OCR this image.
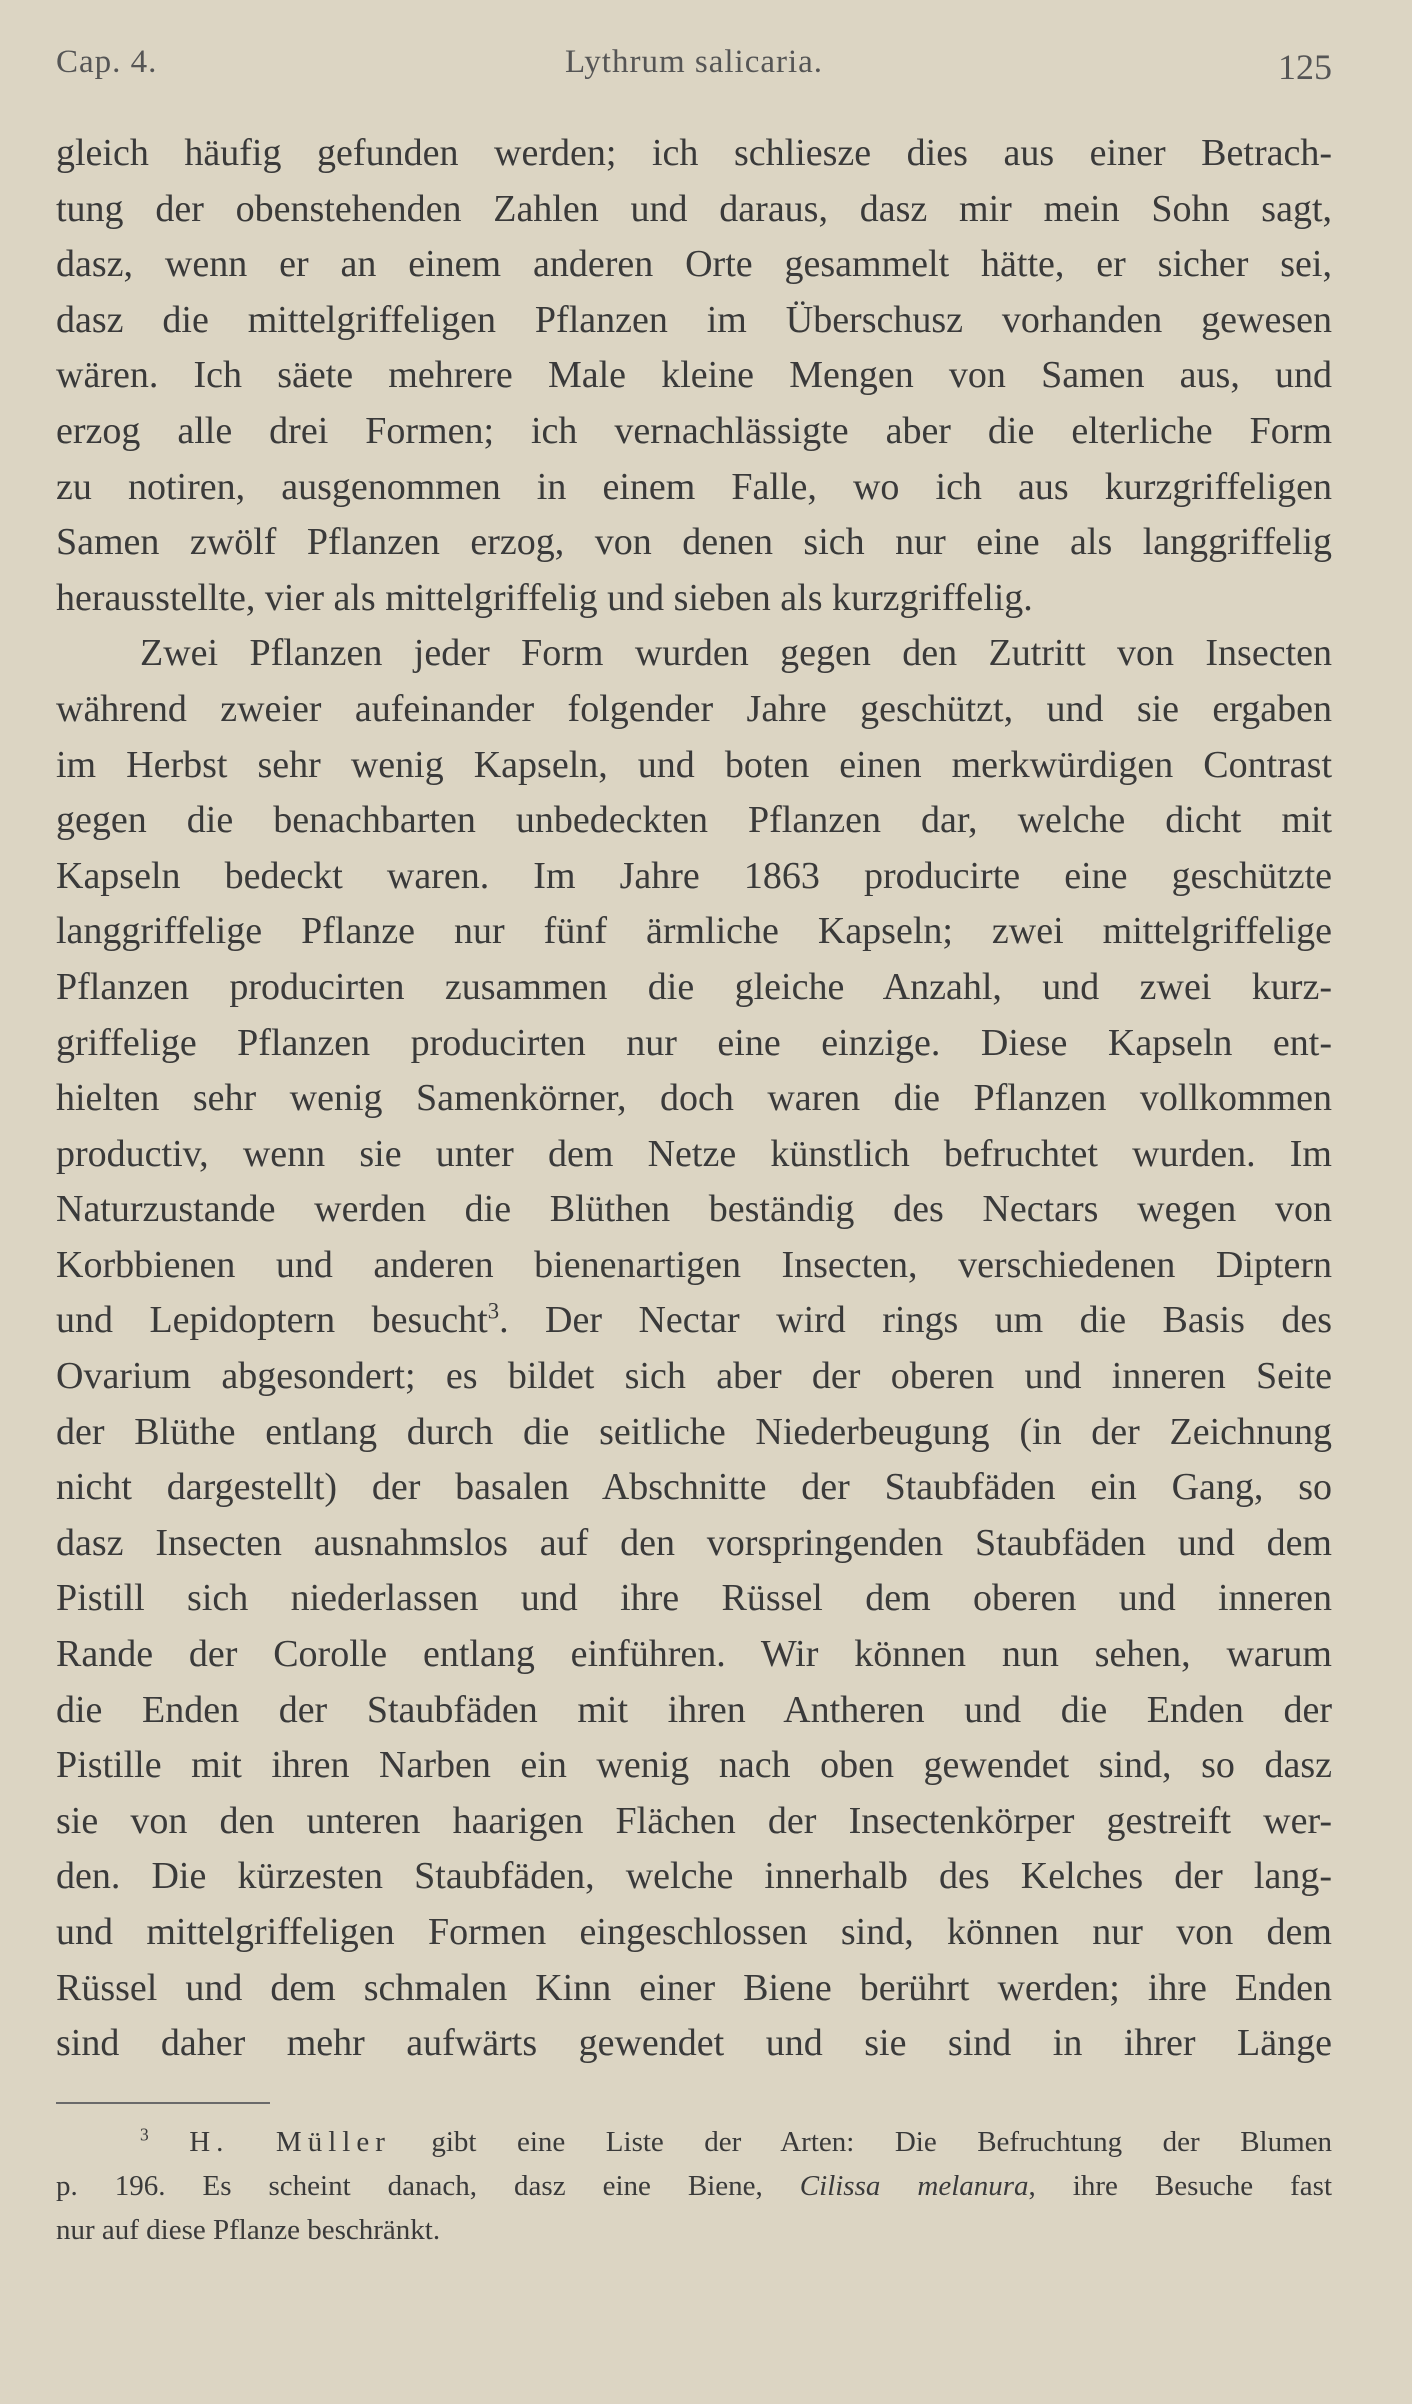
Cap. 4.	Lythrum salicaria.	125
gleich häufig gefunden werden; ich schliesze dies aus einer Betrach-
tung der obenstehenden Zahlen und daraus, dasz mir mein Sohn sagt,
dasz, wenn er an einem anderen Orte gesammelt hätte, er sicher sei,
dasz die mittelgriffeligen Pflanzen im Überschusz vorhanden gewesen
wären. Ich säete mehrere Male kleine Mengen von Samen aus, und
erzog alle drei Formen; ich vernachlässigte aber die elterliche Form
zu notiren, ausgenommen in einem Falle, wo ich aus kurzgriffeligen
Samen zwölf Pflanzen erzog, von denen sich nur eine als langgriffelig
herausstellte, vier als mittelgriffelig und sieben als kurzgriffelig.
Zwei Pflanzen jeder Form wurden gegen den Zutritt von Insecten
während zweier aufeinander folgender Jahre geschützt, und sie ergaben
im Herbst sehr wenig Kapseln, und boten einen merkwürdigen Contrast
gegen die benachbarten unbedeckten Pflanzen dar, welche dicht mit
Kapseln bedeckt waren. Im Jahre 1863 producirte eine geschützte
langgriffelige Pflanze nur fünf ärmliche Kapseln; zwei mittelgriffelige
Pflanzen producirten zusammen die gleiche Anzahl, und zwei kurz-
griffelige Pflanzen producirten nur eine einzige. Diese Kapseln ent-
hielten sehr wenig Samenkörner, doch waren die Pflanzen vollkommen
productiv, wenn sie unter dem Netze künstlich befruchtet wurden. Im
Naturzustande werden die Blüthen beständig des Nectars wegen von
Korbbienen und anderen bienenartigen Insecten, verschiedenen Diptern
und Lepidoptern besucht$^3$. Der Nectar wird rings um die Basis des
Ovarium abgesondert; es bildet sich aber der oberen und inneren Seite
der Blüthe entlang durch die seitliche Niederbeugung (in der Zeichnung
nicht dargestellt) der basalen Abschnitte der Staubfäden ein Gang, so
dasz Insecten ausnahmslos auf den vorspringenden Staubfäden und dem
Pistill sich niederlassen und ihre Rüssel dem oberen und inneren
Rande der Corolle entlang einführen. Wir können nun sehen, warum
die Enden der Staubfäden mit ihren Antheren und die Enden der
Pistille mit ihren Narben ein wenig nach oben gewendet sind, so dasz
sie von den unteren haarigen Flächen der Insectenkörper gestreift wer-
den. Die kürzesten Staubfäden, welche innerhalb des Kelches der lang-
und mittelgriffeligen Formen eingeschlossen sind, können nur von dem
Rüssel und dem schmalen Kinn einer Biene berührt werden; ihre Enden
sind daher mehr aufwärts gewendet und sie sind in ihrer Länge
$^3$ H. Müller gibt eine Liste der Arten: Die Befruchtung der Blumen
p. 196. Es scheint danach, dasz eine Biene, Cilissa melanura, ihre Besuche fast
nur auf diese Pflanze beschränkt.
